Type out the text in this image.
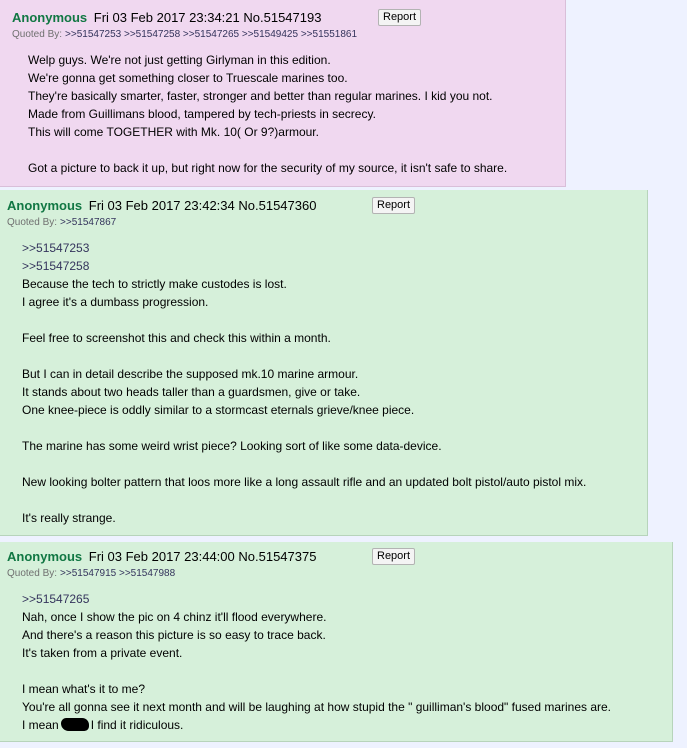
Anonymous Fri 03 Feb 2017 23:34:21 No.51547193	Report
Quoted By: >>51547253 >>51547258 >>51547265 >>51549425 >>51551861
Welp guys. We're not just getting Girlyman in this edition.
We're gonna get something closer to Truescale marines too.
They're basically smarter, faster, stronger and better than regular marines. I kid you not.
Made from Guillimans blood, tampered by tech-priests in secrecy.
This will come TOGETHER with Mk. 10( Or 9?)armour.
Got a picture to back it up, but right now for the security of my source, it isn't safe to share.
Anonymous Fri 03 Feb 2017 23:42:34 No.51547360	Report
Quoted By: >>51547867
>>51547253
>>51547258
Because the tech to strictly make custodes is lost.
I agree it's a dumbass progression.
Feel free to screenshot this and check this within a month.
But I can in detail describe the supposed mk.10 marine armour.
It stands about two heads taller than a guardsmen, give or take.
One knee-piece is oddly similar to a stormcast eternals grieve/knee piece.
The marine has some weird wrist piece? Looking sort of like some data-device.
New looking bolter pattern that loos more like a long assault rifle and an updated bolt pistol/auto pistol mix.
It's really strange.
Anonymous Fri 03 Feb 2017 23:44:00 No.51547375	Report
Quoted By: >>51547915 >>51547988
>>51547265
Nah, once I show the pic on 4 chinz it'll flood everywhere.
And there's a reason this picture is so easy to trace back.
It's taken from a private event.
I mean what's it to me?
You're all gonna see it next month and will be laughing at how stupid the " guilliman's blood" fused marines are.
I mean	I find it ridiculous.
